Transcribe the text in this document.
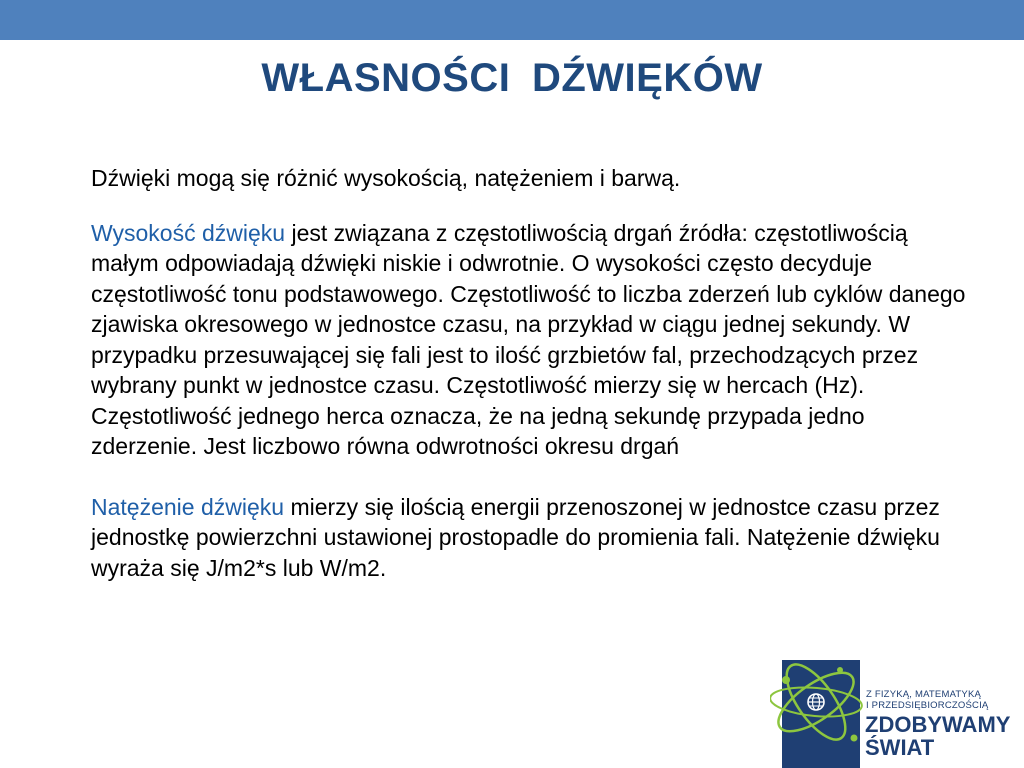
WŁASNOŚCI DŹWIĘKÓW

Dźwięki mogą się różnić wysokością, natężeniem i barwą.

Wysokość dźwięku jest związana z częstotliwością drgań źródła: częstotliwością małym odpowiadają dźwięki niskie i odwrotnie. O wysokości często decyduje częstotliwość tonu podstawowego. Częstotliwość to liczba zderzeń lub cyklów danego zjawiska okresowego w jednostce czasu, na przykład w ciągu jednej sekundy. W przypadku przesuwającej się fali jest to ilość grzbietów fal, przechodzących przez wybrany punkt w jednostce czasu. Częstotliwość mierzy się w hercach (Hz). Częstotliwość jednego herca oznacza, że na jedną sekundę przypada jedno zderzenie. Jest liczbowo równa odwrotności okresu drgań

Natężenie dźwięku mierzy się ilością energii przenoszonej w jednostce czasu przez jednostkę powierzchni ustawionej prostopadle do promienia fali. Natężenie dźwięku wyraża się J/m2*s lub W/m2.

Z FIZYKĄ, MATEMATYKĄ
I PRZEDSIĘBIORCZOŚCIĄ
ZDOBYWAMY
ŚWIAT
